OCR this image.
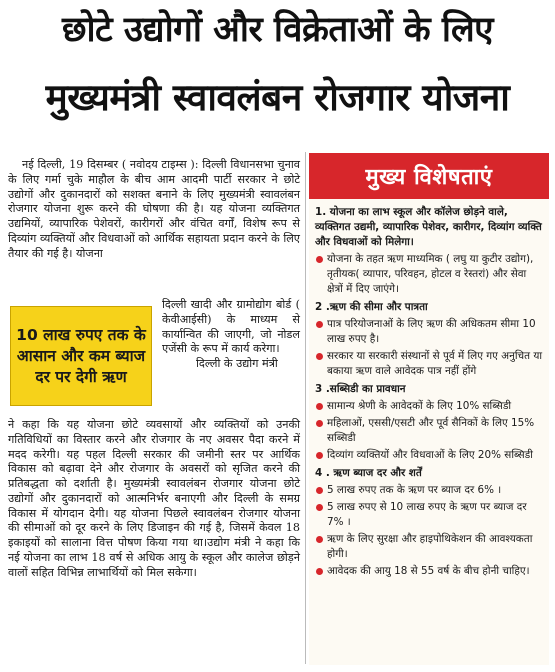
छोटे उद्योगों और विक्रेताओं के लिए
मुख्यमंत्री स्वावलंबन रोजगार योजना

नई दिल्ली, 19 दिसम्बर ( नवोदय टाइम्स ): दिल्ली विधानसभा चुनाव के लिए गर्मा चुके माहौल के बीच आम आदमी पार्टी सरकार ने छोटे उद्योगों और दुकानदारों को सशक्त बनाने के लिए मुख्यमंत्री स्वावलंबन रोजगार योजना शुरू करने की घोषणा की है। यह योजना व्यक्तिगत उद्यमियों, व्यापारिक पेशेवरों, कारीगरों और वंचित वर्गों, विशेष रूप से दिव्यांग व्यक्तियों और विधवाओं को आर्थिक सहायता प्रदान करने के लिए तैयार की गई है। योजना

10 लाख रुपए तक के आसान और कम ब्याज दर पर देगी ऋण
दिल्ली खादी और ग्रामोद्योग बोर्ड ( केवीआईसी) के माध्यम से कार्यान्वित की जाएगी, जो नोडल एजेंसी के रूप में कार्य करेगा।
दिल्ली के उद्योग मंत्री

ने कहा कि यह योजना छोटे व्यवसायों और व्यक्तियों को उनकी गतिविधियों का विस्तार करने और रोजगार के नए अवसर पैदा करने में मदद करेगी। यह पहल दिल्ली सरकार की जमीनी स्तर पर आर्थिक विकास को बढ़ावा देने और रोजगार के अवसरों को सृजित करने की प्रतिबद्धता को दर्शाती है। मुख्यमंत्री स्वावलंबन रोजगार योजना छोटे उद्योगों और दुकानदारों को आत्मनिर्भर बनाएगी और दिल्ली के समग्र विकास में योगदान देगी। यह योजना पिछले स्वावलंबन रोजगार योजना की सीमाओं को दूर करने के लिए डिजाइन की गई है, जिसमें केवल 18 इकाइयों को सालाना वित्त पोषण किया गया था।उद्योग मंत्री ने कहा कि नई योजना का लाभ 18 वर्ष से अधिक आयु के स्कूल और कालेज छोड़ने वालों सहित विभिन्न लाभार्थियों को मिल सकेगा।

मुख्य विशेषताएं
1. योजना का लाभ स्कूल और कॉलेज छोड़ने वाले, व्यक्तिगत उद्यमी, व्यापारिक पेशेवर, कारीगर, दिव्यांग व्यक्ति और विधवाओं को मिलेगा।
योजना के तहत ऋण माध्यमिक ( लघु या कुटीर उद्योग), तृतीयक( व्यापार, परिवहन, होटल व रेस्तरां) और सेवा क्षेत्रों में दिए जाएंगे।
2 .ऋण की सीमा और पात्रता
पात्र परियोजनाओं के लिए ऋण की अधिकतम सीमा 10 लाख रुपए है।
सरकार या सरकारी संस्थानों से पूर्व में लिए गए अनुचित या बकाया ऋण वाले आवेदक पात्र नहीं होंगे
3 .सब्सिडी का प्रावधान
सामान्य श्रेणी के आवेदकों के लिए 10% सब्सिडी
महिलाओं, एससी/एसटी और पूर्व सैनिकों के लिए 15% सब्सिडी
दिव्यांग व्यक्तियों और विधवाओं के लिए 20% सब्सिडी
4 . ऋण ब्याज दर और शर्तें
5 लाख रुपए तक के ऋण पर ब्याज दर 6% ।
5 लाख रुपए से 10 लाख रुपए के ऋण पर ब्याज दर 7% ।
ऋण के लिए सुरक्षा और हाइपोथिकेशन की आवश्यकता होगी।
आवेदक की आयु 18 से 55 वर्ष के बीच होनी चाहिए।
